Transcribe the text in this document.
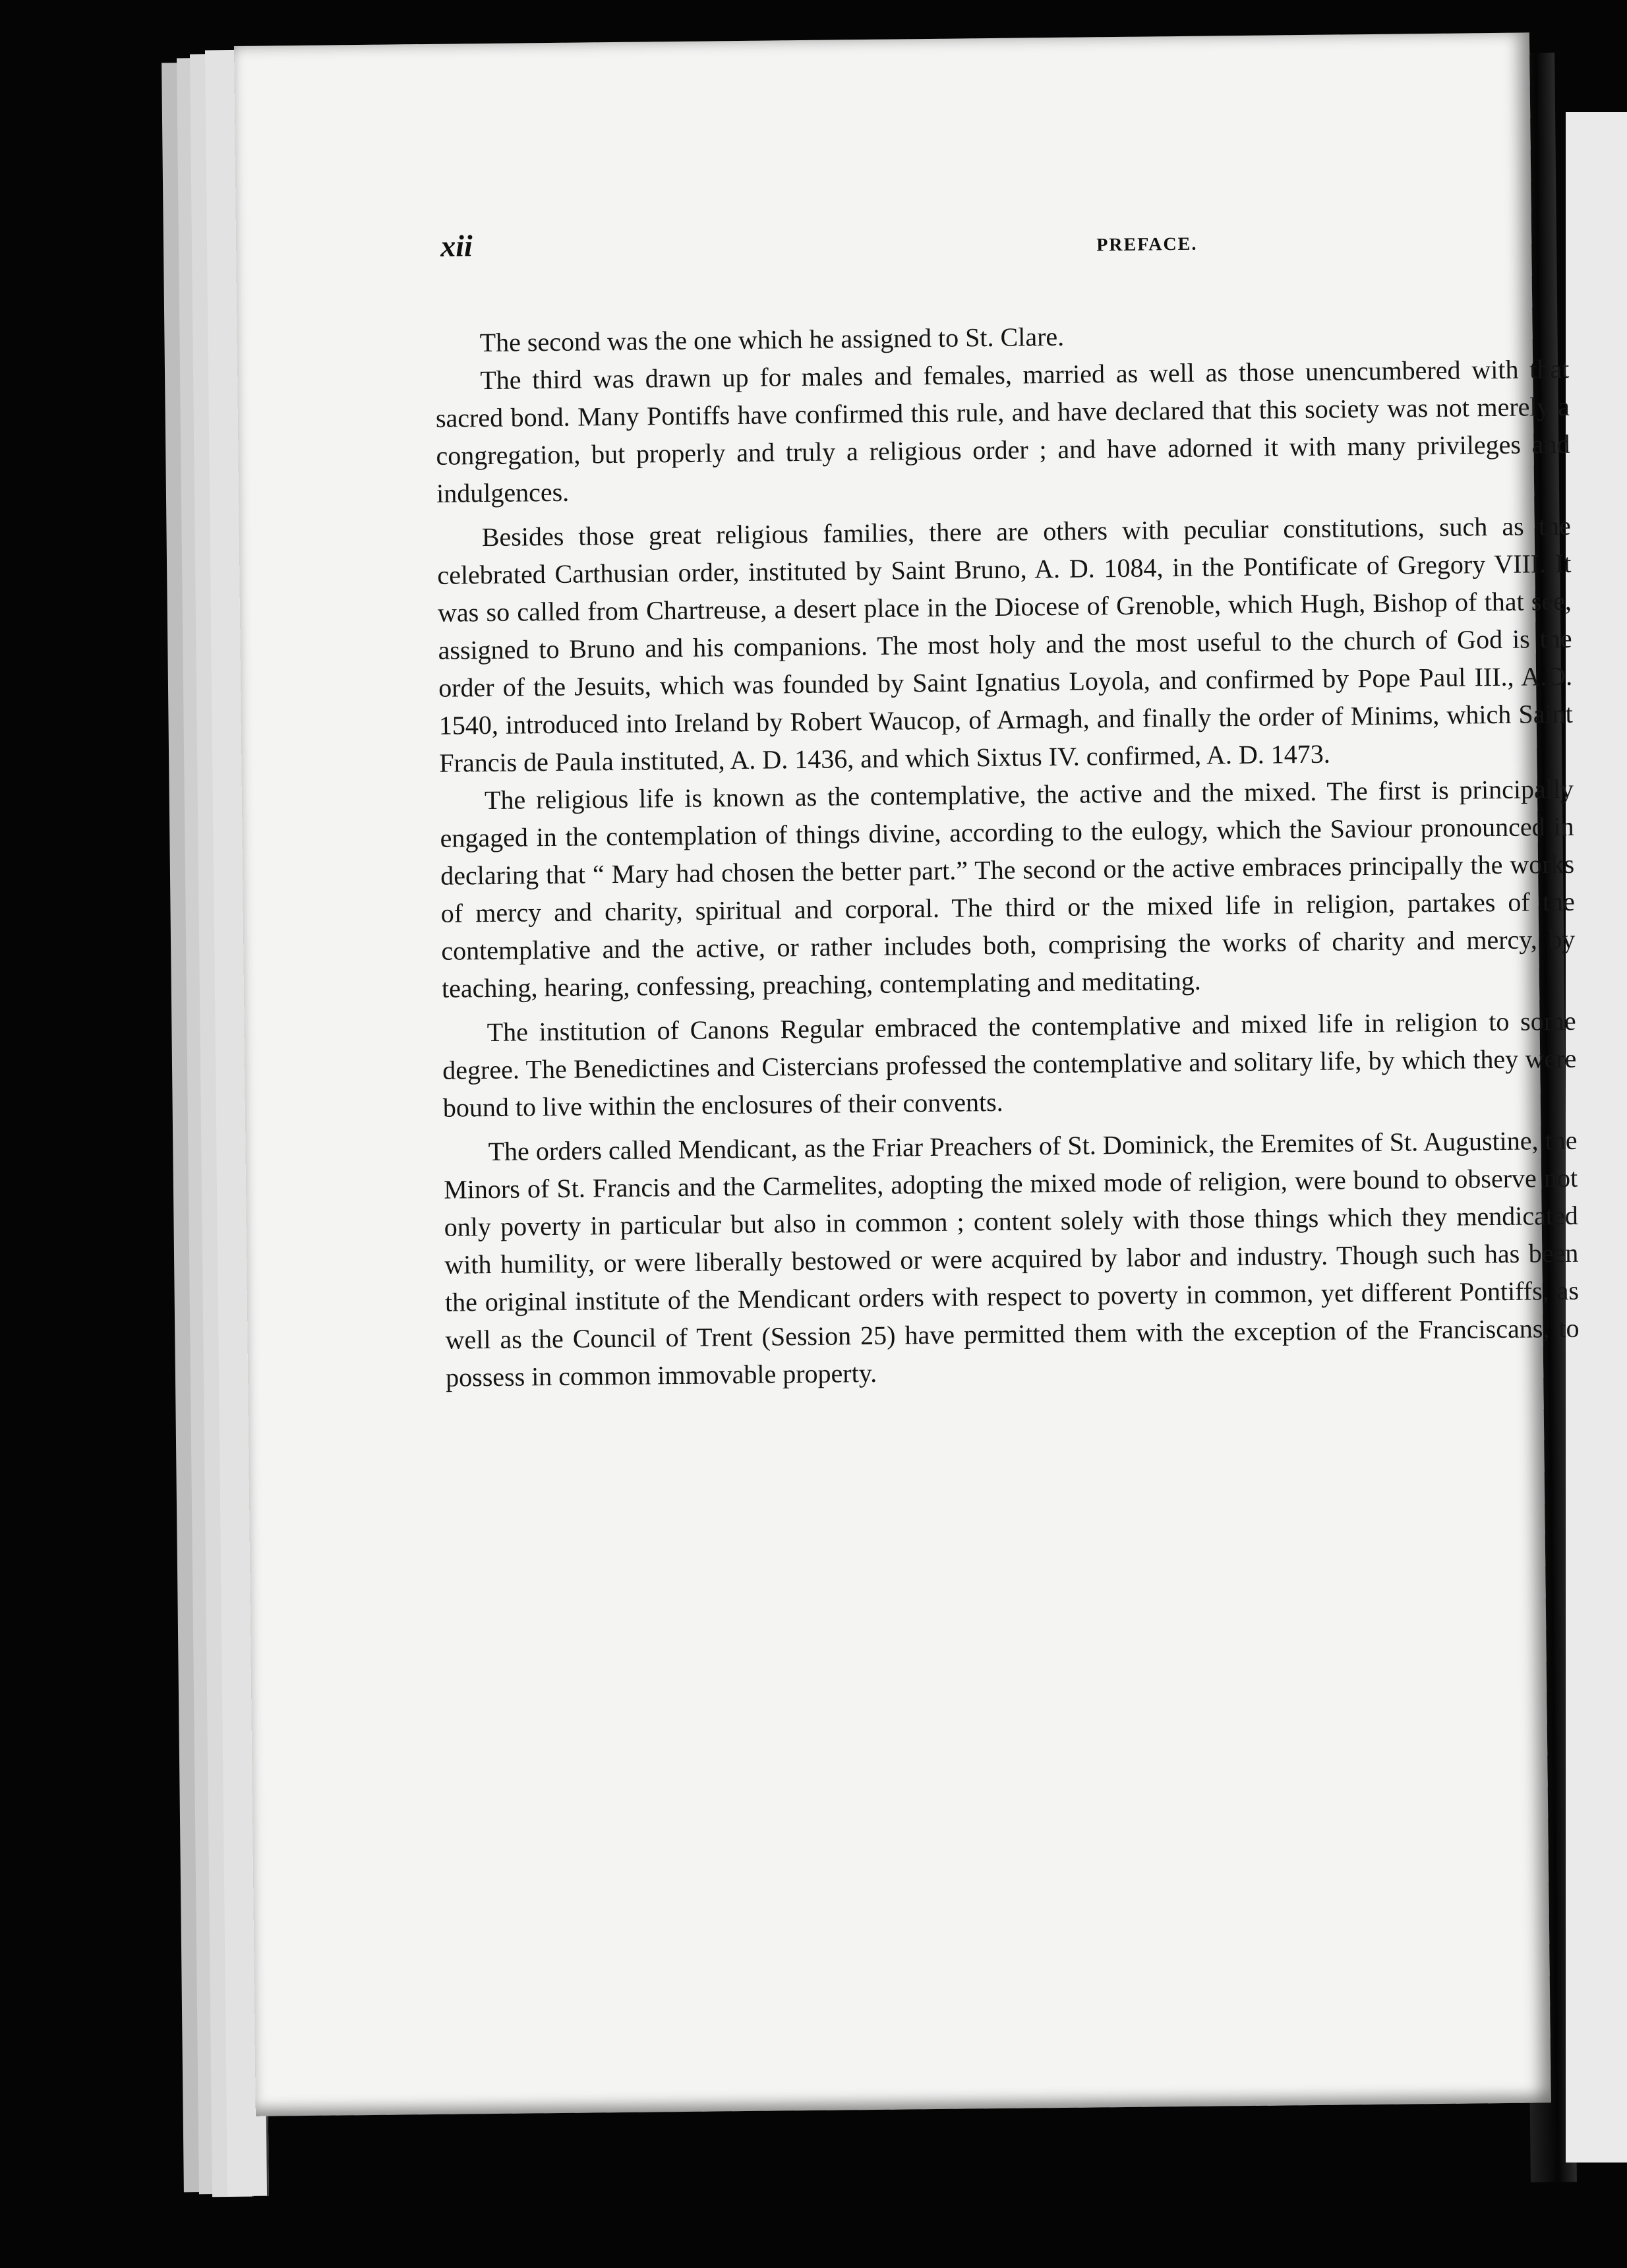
xii	PREFACE.

The second was the one which he assigned to St. Clare.

The third was drawn up for males and females, married as well as those unencumbered with that sacred bond. Many Pontiffs have confirmed this rule, and have declared that this society was not merely a congregation, but properly and truly a religious order ; and have adorned it with many privileges and indulgences.

Besides those great religious families, there are others with peculiar constitutions, such as the celebrated Carthusian order, instituted by Saint Bruno, A. D. 1084, in the Pontificate of Gregory VIII. It was so called from Chartreuse, a desert place in the Diocese of Grenoble, which Hugh, Bishop of that see, assigned to Bruno and his companions. The most holy and the most useful to the church of God is the order of the Jesuits, which was founded by Saint Ignatius Loyola, and confirmed by Pope Paul III., A.D. 1540, introduced into Ireland by Robert Waucop, of Armagh, and finally the order of Minims, which Saint Francis de Paula instituted, A. D. 1436, and which Sixtus IV. confirmed, A. D. 1473.

The religious life is known as the contemplative, the active and the mixed. The first is principally engaged in the contemplation of things divine, according to the eulogy, which the Saviour pronounced in declaring that “ Mary had chosen the better part.” The second or the active embraces principally the works of mercy and charity, spiritual and corporal. The third or the mixed life in religion, partakes of the contemplative and the active, or rather includes both, comprising the works of charity and mercy, by teaching, hearing, confessing, preaching, contemplating and meditating.

The institution of Canons Regular embraced the contemplative and mixed life in religion to some degree. The Benedictines and Cistercians professed the contemplative and solitary life, by which they were bound to live within the enclosures of their convents.

The orders called Mendicant, as the Friar Preachers of St. Dominick, the Eremites of St. Augustine, the Minors of St. Francis and the Carmelites, adopting the mixed mode of religion, were bound to observe not only poverty in particular but also in common ; content solely with those things which they mendicated with humility, or were liberally bestowed or were acquired by labor and industry. Though such has been the original institute of the Mendicant orders with respect to poverty in common, yet different Pontiffs, as well as the Council of Trent (Session 25) have permitted them with the exception of the Franciscans, to possess in common immovable property.
